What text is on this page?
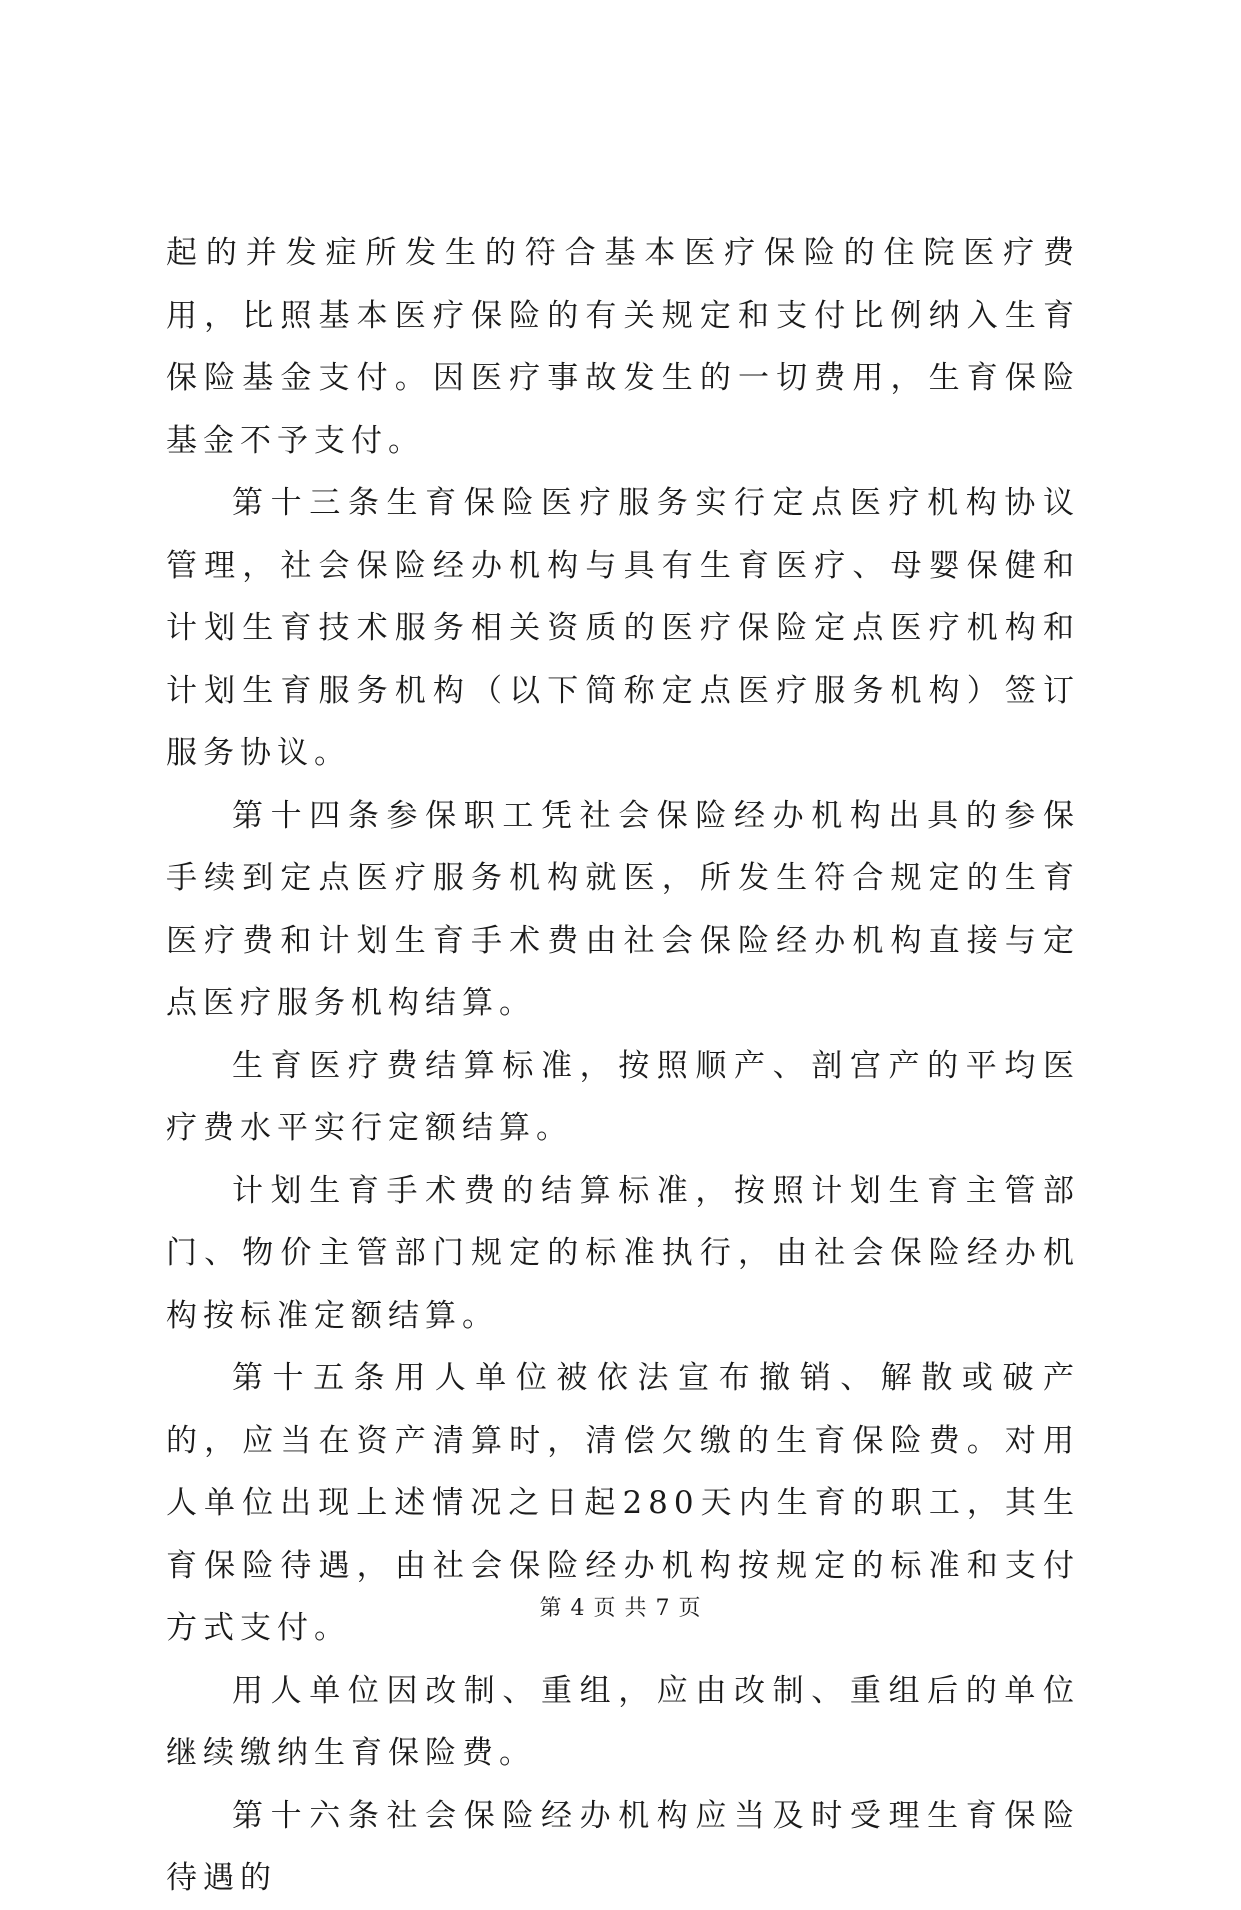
起的并发症所发生的符合基本医疗保险的住院医疗费用，比照基本医疗保险的有关规定和支付比例纳入生育保险基金支付。因医疗事故发生的一切费用，生育保险基金不予支付。

第十三条生育保险医疗服务实行定点医疗机构协议管理，社会保险经办机构与具有生育医疗、母婴保健和计划生育技术服务相关资质的医疗保险定点医疗机构和计划生育服务机构（以下简称定点医疗服务机构）签订服务协议。

第十四条参保职工凭社会保险经办机构出具的参保手续到定点医疗服务机构就医，所发生符合规定的生育医疗费和计划生育手术费由社会保险经办机构直接与定点医疗服务机构结算。

生育医疗费结算标准，按照顺产、剖宫产的平均医疗费水平实行定额结算。

计划生育手术费的结算标准，按照计划生育主管部门、物价主管部门规定的标准执行，由社会保险经办机构按标准定额结算。

第十五条用人单位被依法宣布撤销、解散或破产的，应当在资产清算时，清偿欠缴的生育保险费。对用人单位出现上述情况之日起280天内生育的职工，其生育保险待遇，由社会保险经办机构按规定的标准和支付方式支付。

用人单位因改制、重组，应由改制、重组后的单位继续缴纳生育保险费。

第十六条社会保险经办机构应当及时受理生育保险待遇的

第 4 页 共 7 页
